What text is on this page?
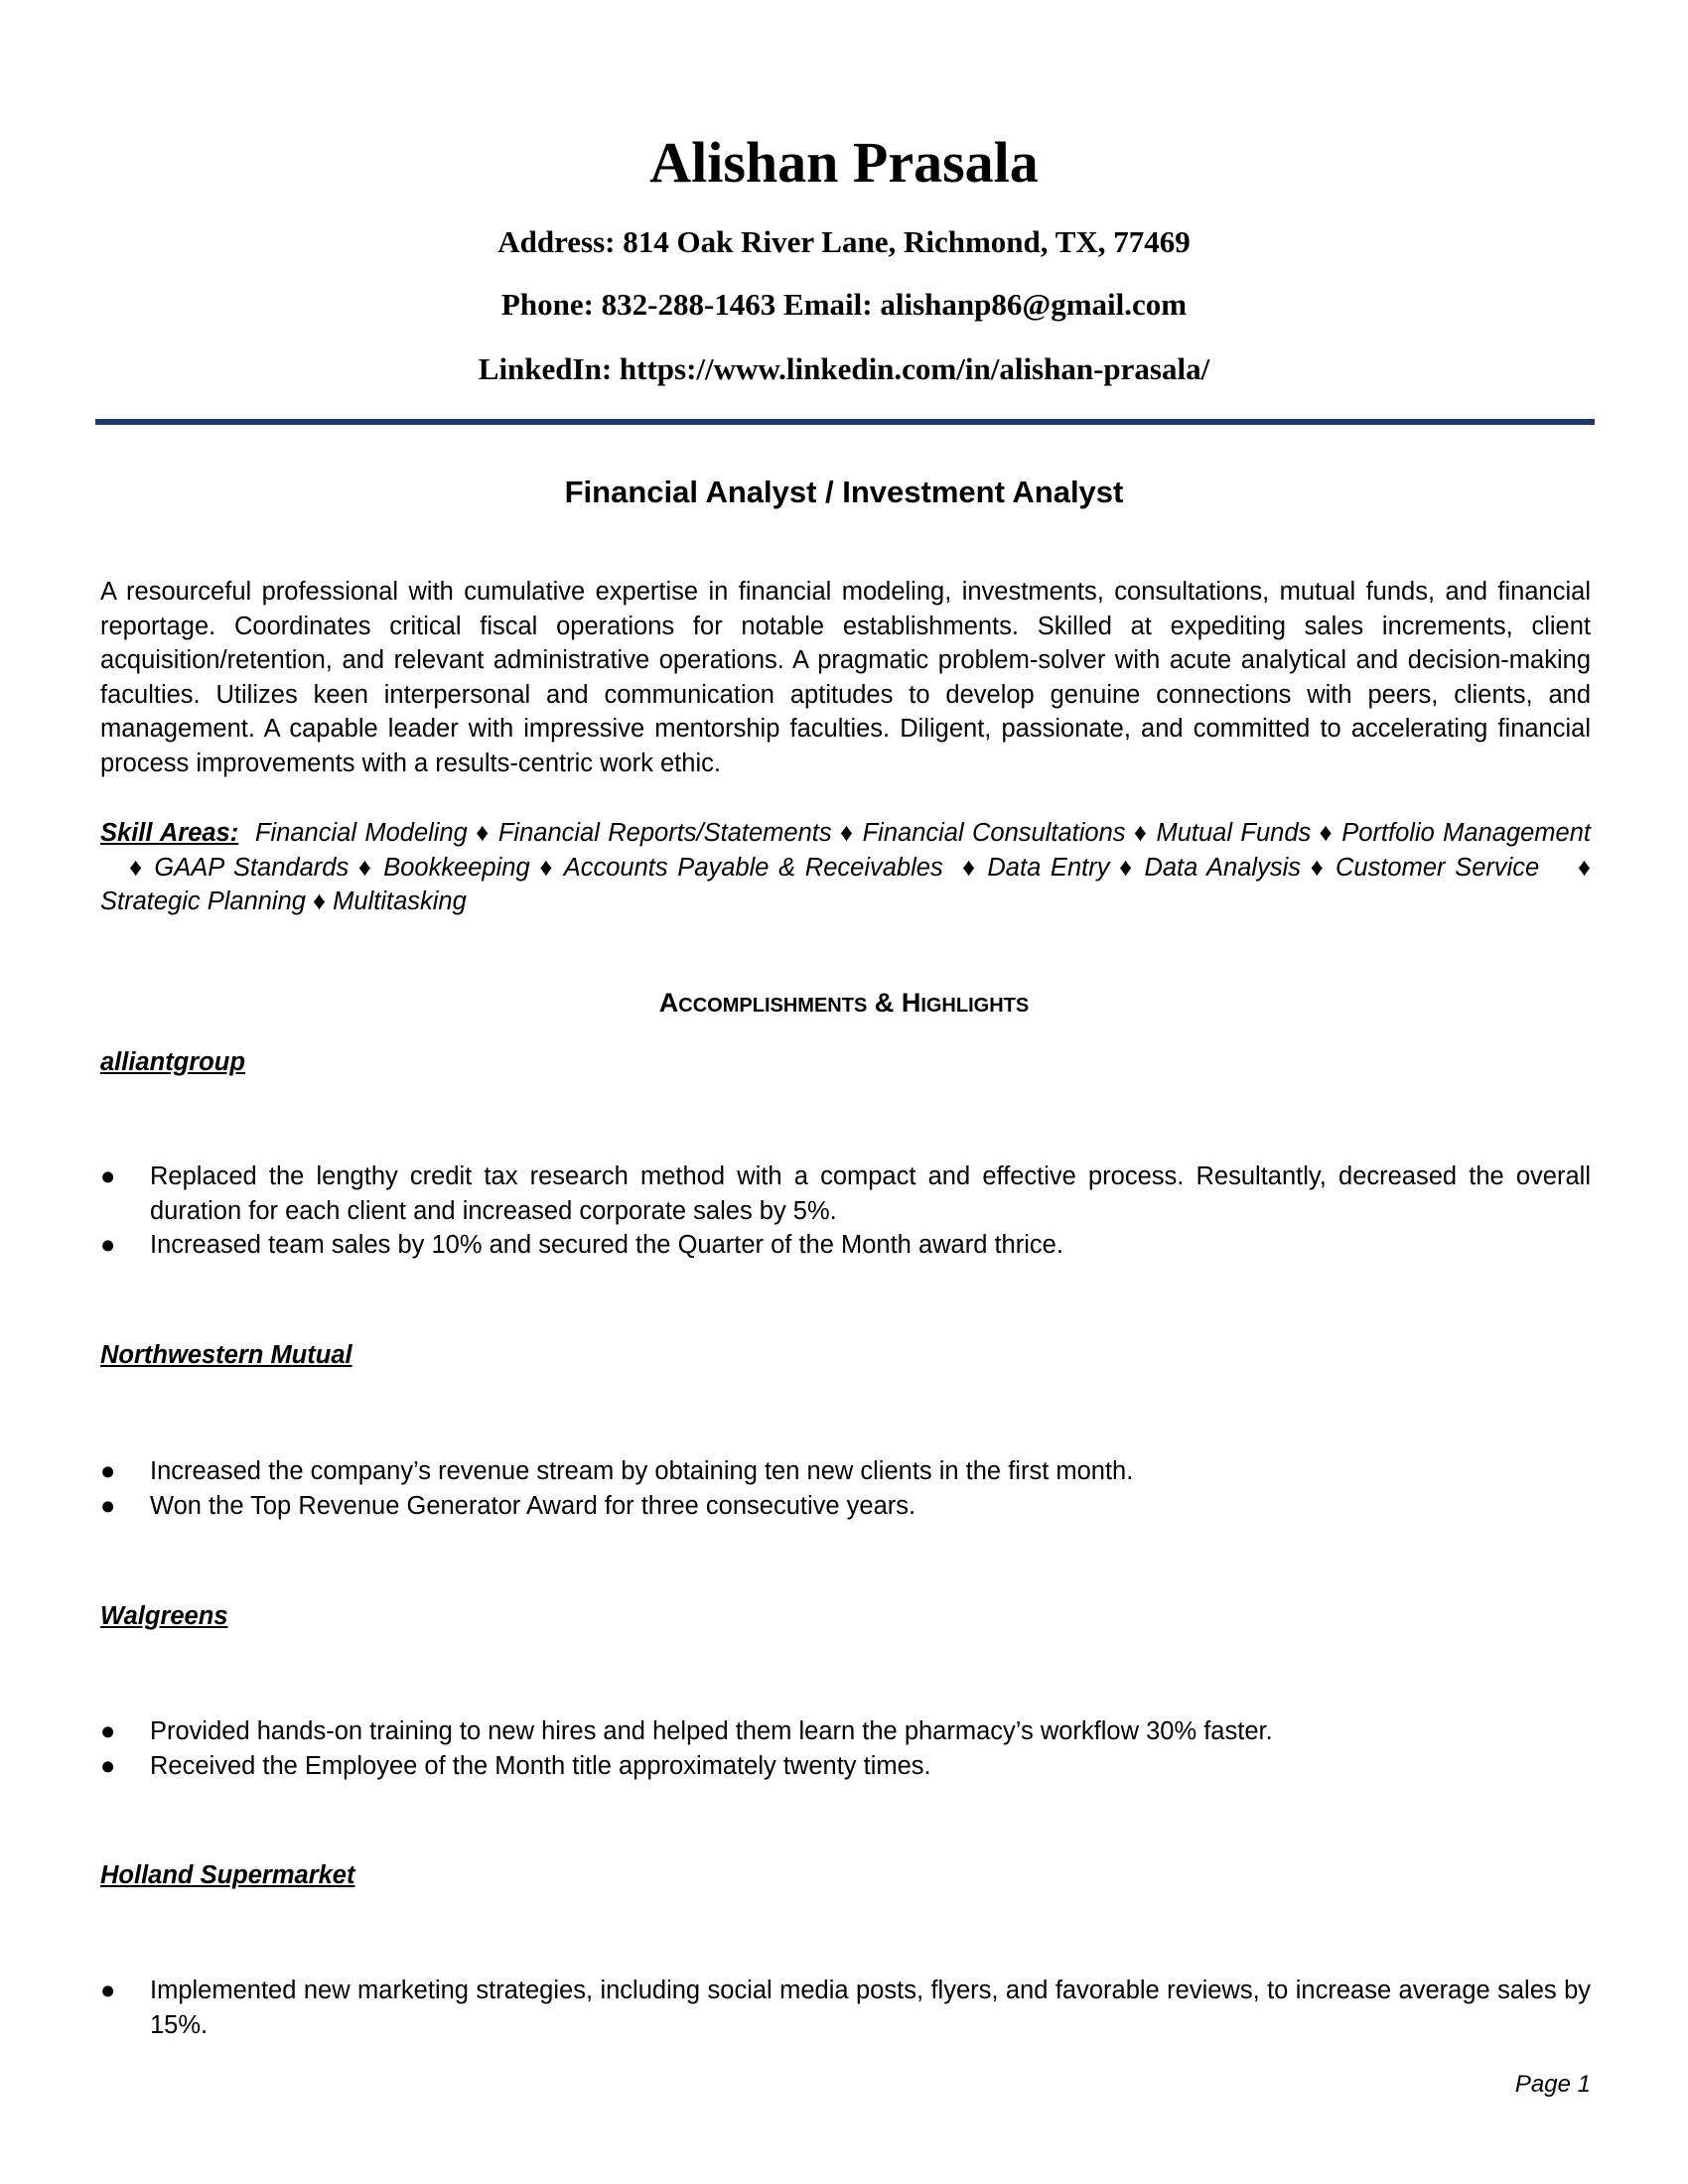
Alishan Prasala
Address: 814 Oak River Lane, Richmond, TX, 77469
Phone: 832-288-1463 Email: alishanp86@gmail.com
LinkedIn: https://www.linkedin.com/in/alishan-prasala/
Financial Analyst / Investment Analyst
A resourceful professional with cumulative expertise in financial modeling, investments, consultations, mutual funds, and financial reportage. Coordinates critical fiscal operations for notable establishments. Skilled at expediting sales increments, client acquisition/retention, and relevant administrative operations. A pragmatic problem-solver with acute analytical and decision-making faculties. Utilizes keen interpersonal and communication aptitudes to develop genuine connections with peers, clients, and management. A capable leader with impressive mentorship faculties. Diligent, passionate, and committed to accelerating financial process improvements with a results-centric work ethic.
Skill Areas: Financial Modeling ♦ Financial Reports/Statements ♦ Financial Consultations ♦ Mutual Funds ♦ Portfolio Management    ♦ GAAP Standards ♦ Bookkeeping ♦ Accounts Payable & Receivables  ♦ Data Entry ♦ Data Analysis ♦ Customer Service    ♦ Strategic Planning ♦ Multitasking
ACCOMPLISHMENTS & HIGHLIGHTS
alliantgroup
● Replaced the lengthy credit tax research method with a compact and effective process. Resultantly, decreased the overall duration for each client and increased corporate sales by 5%.
● Increased team sales by 10% and secured the Quarter of the Month award thrice.
Northwestern Mutual
● Increased the company’s revenue stream by obtaining ten new clients in the first month.
● Won the Top Revenue Generator Award for three consecutive years.
Walgreens
● Provided hands-on training to new hires and helped them learn the pharmacy’s workflow 30% faster.
● Received the Employee of the Month title approximately twenty times.
Holland Supermarket
● Implemented new marketing strategies, including social media posts, flyers, and favorable reviews, to increase average sales by 15%.
Page 1
